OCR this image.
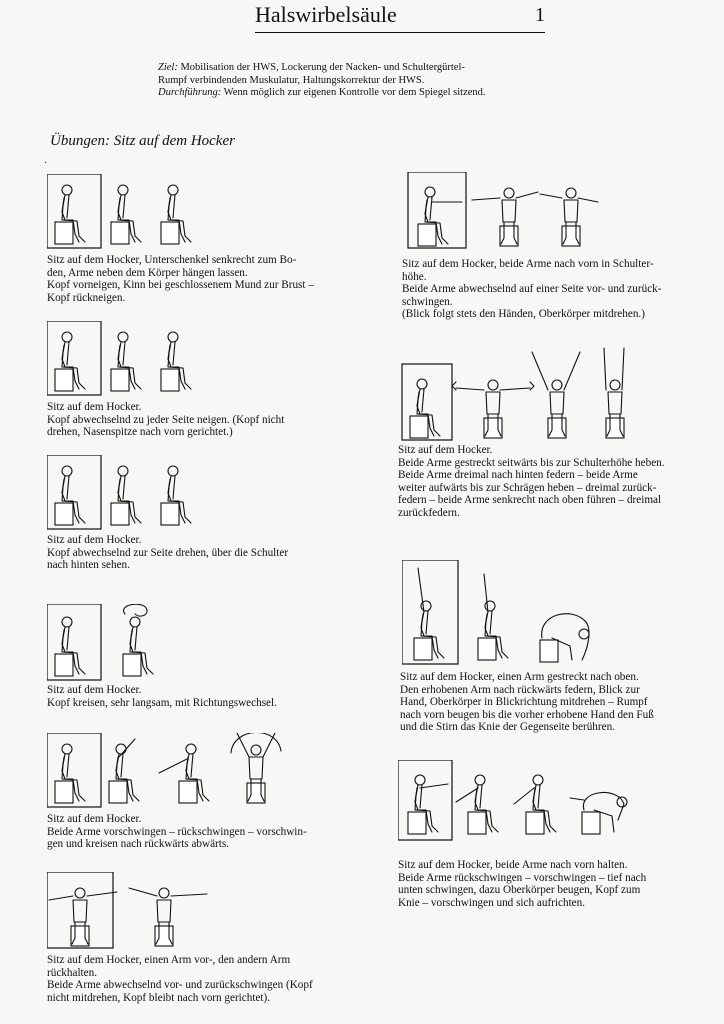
Halswirbelsäule	1
Ziel: Mobilisation der HWS, Lockerung der Nacken- und Schultergürtel-
Rumpf verbindenden Muskulatur, Haltungskorrektur der HWS.
Durchführung: Wenn möglich zur eigenen Kontrolle vor dem Spiegel sitzend.
Übungen: Sitz auf dem Hocker
·
Sitz auf dem Hocker, Unterschenkel senkrecht zum Bo-
den, Arme neben dem Körper hängen lassen.
Kopf vorneigen, Kinn bei geschlossenem Mund zur Brust –
Kopf rückneigen.
Sitz auf dem Hocker.
Kopf abwechselnd zu jeder Seite neigen. (Kopf nicht
drehen, Nasenspitze nach vorn gerichtet.)
Sitz auf dem Hocker.
Kopf abwechselnd zur Seite drehen, über die Schulter
nach hinten sehen.
Sitz auf dem Hocker.
Kopf kreisen, sehr langsam, mit Richtungswechsel.
Sitz auf dem Hocker.
Beide Arme vorschwingen – rückschwingen – vorschwin-
gen und kreisen nach rückwärts abwärts.
Sitz auf dem Hocker, einen Arm vor-, den andern Arm
rückhalten.
Beide Arme abwechselnd vor- und zurückschwingen (Kopf
nicht mitdrehen, Kopf bleibt nach vorn gerichtet).
Sitz auf dem Hocker, beide Arme nach vorn in Schulter-
höhe.
Beide Arme abwechselnd auf einer Seite vor- und zurück-
schwingen.
(Blick folgt stets den Händen, Oberkörper mitdrehen.)
Sitz auf dem Hocker.
Beide Arme gestreckt seitwärts bis zur Schulterhöhe heben.
Beide Arme dreimal nach hinten federn – beide Arme
weiter aufwärts bis zur Schrägen heben – dreimal zurück-
federn – beide Arme senkrecht nach oben führen – dreimal
zurückfedern.
Sitz auf dem Hocker, einen Arm gestreckt nach oben.
Den erhobenen Arm nach rückwärts federn, Blick zur
Hand, Oberkörper in Blickrichtung mitdrehen – Rumpf
nach vorn beugen bis die vorher erhobene Hand den Fuß
und die Stirn das Knie der Gegenseite berühren.
Sitz auf dem Hocker, beide Arme nach vorn halten.
Beide Arme rückschwingen – vorschwingen – tief nach
unten schwingen, dazu Oberkörper beugen, Kopf zum
Knie – vorschwingen und sich aufrichten.
